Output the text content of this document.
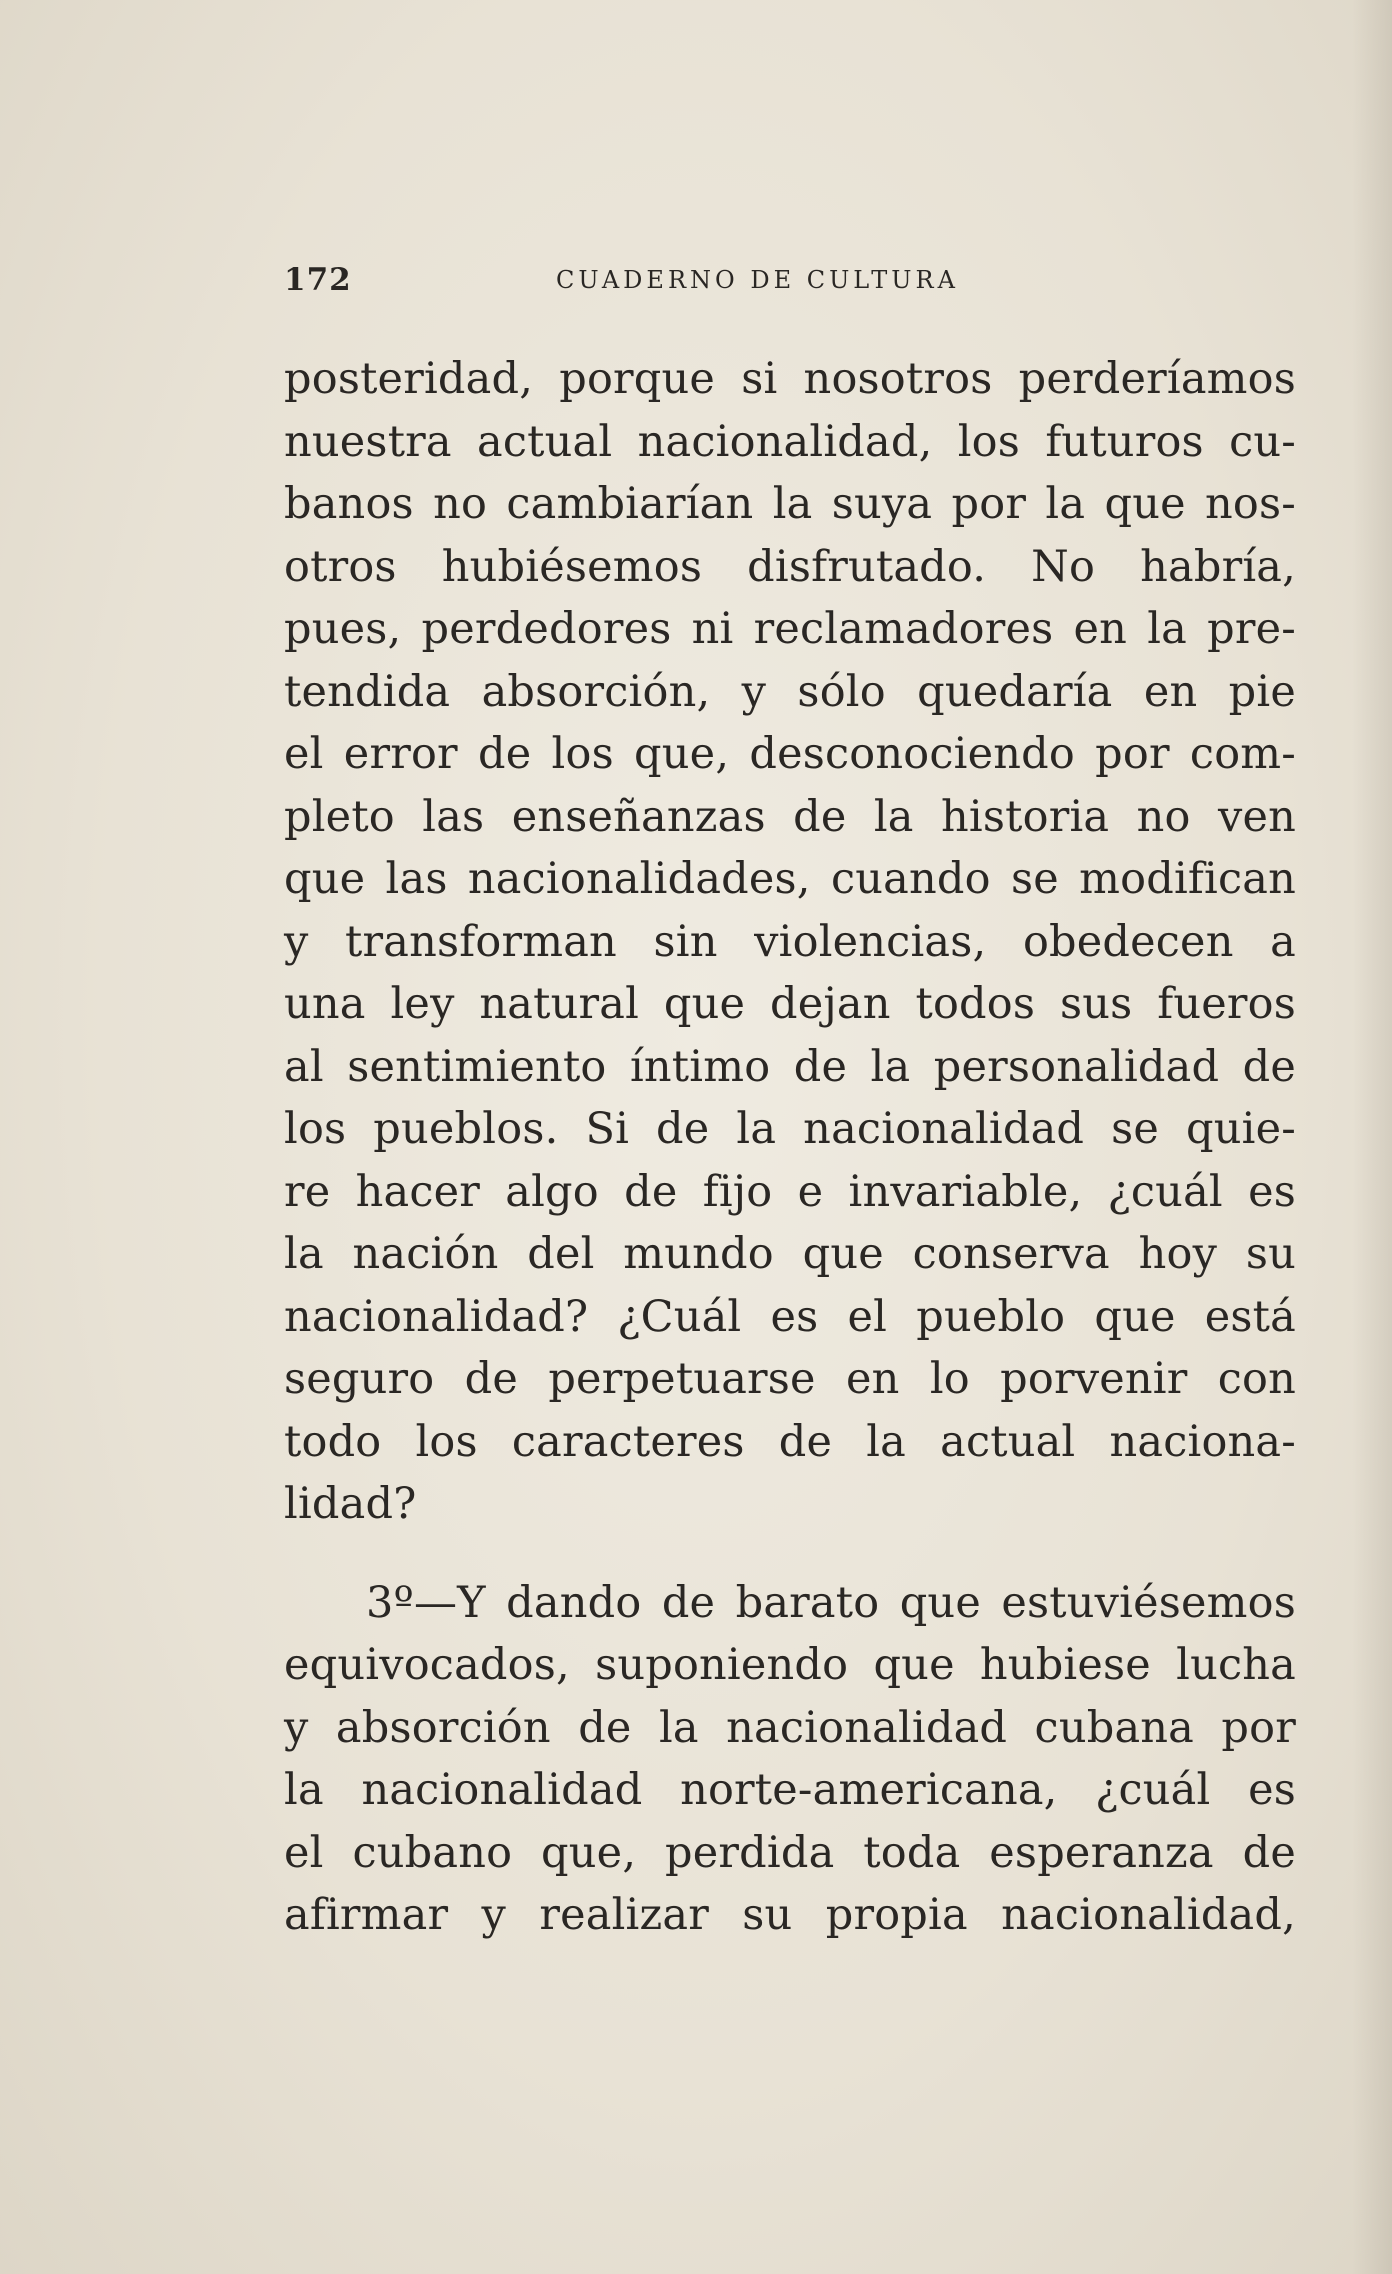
172	CUADERNO DE CULTURA
posteridad, porque si nosotros perderíamos
nuestra actual nacionalidad, los futuros cu-
banos no cambiarían la suya por la que nos-
otros hubiésemos disfrutado. No habría,
pues, perdedores ni reclamadores en la pre-
tendida absorción, y sólo quedaría en pie
el error de los que, desconociendo por com-
pleto las enseñanzas de la historia no ven
que las nacionalidades, cuando se modifican
y transforman sin violencias, obedecen a
una ley natural que dejan todos sus fueros
al sentimiento íntimo de la personalidad de
los pueblos. Si de la nacionalidad se quie-
re hacer algo de fijo e invariable, ¿cuál es
la nación del mundo que conserva hoy su
nacionalidad? ¿Cuál es el pueblo que está
seguro de perpetuarse en lo porvenir con
todo los caracteres de la actual naciona-
lidad?
3º—Y dando de barato que estuviésemos
equivocados, suponiendo que hubiese lucha
y absorción de la nacionalidad cubana por
la nacionalidad norte-americana, ¿cuál es
el cubano que, perdida toda esperanza de
afirmar y realizar su propia nacionalidad,
